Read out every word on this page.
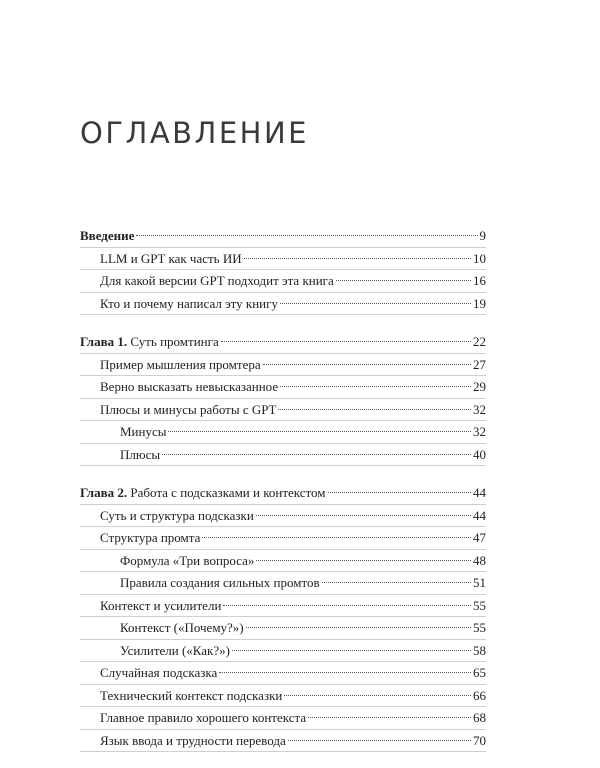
ОГЛАВЛЕНИЕ
Введение	9
LLM и GPT как часть ИИ	10
Для какой версии GPT подходит эта книга	16
Кто и почему написал эту книгу	19
Глава 1. Суть промтинга	22
Пример мышления промтера	27
Верно высказать невысказанное	29
Плюсы и минусы работы с GPT	32
Минусы	32
Плюсы	40
Глава 2. Работа с подсказками и контекстом	44
Суть и структура подсказки	44
Структура промта	47
Формула «Три вопроса»	48
Правила создания сильных промтов	51
Контекст и усилители	55
Контекст («Почему?»)	55
Усилители («Как?»)	58
Случайная подсказка	65
Технический контекст подсказки	66
Главное правило хорошего контекста	68
Язык ввода и трудности перевода	70
